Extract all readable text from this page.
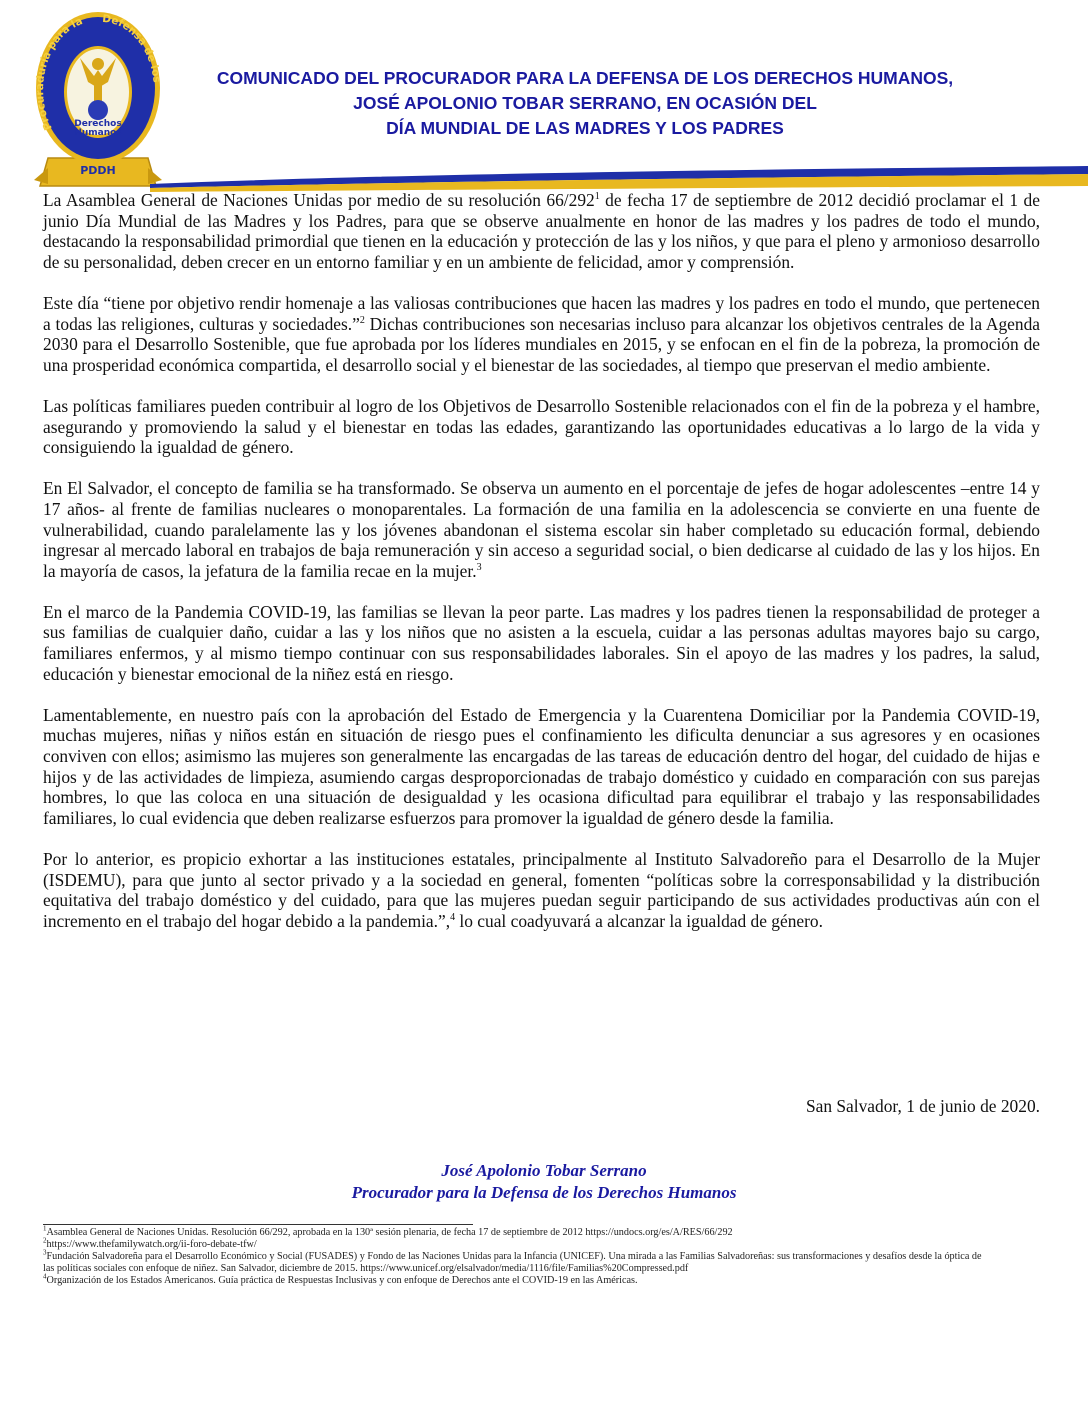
PDDH
Derechos
Humanos
Procuraduría para la Defensa de los	COMUNICADO DEL PROCURADOR PARA LA DEFENSA DE LOS DERECHOS HUMANOS,
JOSÉ APOLONIO TOBAR SERRANO, EN OCASIÓN DEL
DÍA MUNDIAL DE LAS MADRES Y LOS PADRES

La Asamblea General de Naciones Unidas por medio de su resolución $66/292^1$ de fecha 17 de septiembre de 2012 decidió proclamar el 1 de junio Día Mundial de las Madres y los Padres, para que se observe anualmente en honor de las madres y los padres de todo el mundo, destacando la responsabilidad primordial que tienen en la educación y protección de las y los niños, y que para el pleno y armonioso desarrollo de su personalidad, deben crecer en un entorno familiar y en un ambiente de felicidad, amor y comprensión.

Este día “tiene por objetivo rendir homenaje a las valiosas contribuciones que hacen las madres y los padres en todo el mundo, que pertenecen a todas las religiones, culturas y sociedades.”$^2$ Dichas contribuciones son necesarias incluso para alcanzar los objetivos centrales de la Agenda 2030 para el Desarrollo Sostenible, que fue aprobada por los líderes mundiales en 2015, y se enfocan en el fin de la pobreza, la promoción de una prosperidad económica compartida, el desarrollo social y el bienestar de las sociedades, al tiempo que preservan el medio ambiente.

Las políticas familiares pueden contribuir al logro de los Objetivos de Desarrollo Sostenible relacionados con el fin de la pobreza y el hambre, asegurando y promoviendo la salud y el bienestar en todas las edades, garantizando las oportunidades educativas a lo largo de la vida y consiguiendo la igualdad de género.

En El Salvador, el concepto de familia se ha transformado. Se observa un aumento en el porcentaje de jefes de hogar adolescentes –entre 14 y 17 años- al frente de familias nucleares o monoparentales. La formación de una familia en la adolescencia se convierte en una fuente de vulnerabilidad, cuando paralelamente las y los jóvenes abandonan el sistema escolar sin haber completado su educación formal, debiendo ingresar al mercado laboral en trabajos de baja remuneración y sin acceso a seguridad social, o bien dedicarse al cuidado de las y los hijos. En la mayoría de casos, la jefatura de la familia recae en la mujer.$^3$

En el marco de la Pandemia COVID-19, las familias se llevan la peor parte. Las madres y los padres tienen la responsabilidad de proteger a sus familias de cualquier daño, cuidar a las y los niños que no asisten a la escuela, cuidar a las personas adultas mayores bajo su cargo, familiares enfermos, y al mismo tiempo continuar con sus responsabilidades laborales. Sin el apoyo de las madres y los padres, la salud, educación y bienestar emocional de la niñez está en riesgo.

Lamentablemente, en nuestro país con la aprobación del Estado de Emergencia y la Cuarentena Domiciliar por la Pandemia COVID-19, muchas mujeres, niñas y niños están en situación de riesgo pues el confinamiento les dificulta denunciar a sus agresores y en ocasiones conviven con ellos; asimismo las mujeres son generalmente las encargadas de las tareas de educación dentro del hogar, del cuidado de hijas e hijos y de las actividades de limpieza, asumiendo cargas desproporcionadas de trabajo doméstico y cuidado en comparación con sus parejas hombres, lo que las coloca en una situación de desigualdad y les ocasiona dificultad para equilibrar el trabajo y las responsabilidades familiares, lo cual evidencia que deben realizarse esfuerzos para promover la igualdad de género desde la familia.

Por lo anterior, es propicio exhortar a las instituciones estatales, principalmente al Instituto Salvadoreño para el Desarrollo de la Mujer (ISDEMU), para que junto al sector privado y a la sociedad en general, fomenten “políticas sobre la corresponsabilidad y la distribución equitativa del trabajo doméstico y del cuidado, para que las mujeres puedan seguir participando de sus actividades productivas aún con el incremento en el trabajo del hogar debido a la pandemia.”,$^4$ lo cual coadyuvará a alcanzar la igualdad de género.

San Salvador, 1 de junio de 2020.
José Apolonio Tobar Serrano
Procurador para la Defensa de los Derechos Humanos
$^1$Asamblea General de Naciones Unidas. Resolución 66/292, aprobada en la 130ª sesión plenaria, de fecha 17 de septiembre de 2012 https://undocs.org/es/A/RES/66/292
$^2$https://www.thefamilywatch.org/ii-foro-debate-tfw/
$^3$Fundación Salvadoreña para el Desarrollo Económico y Social (FUSADES) y Fondo de las Naciones Unidas para la Infancia (UNICEF). Una mirada a las Familias Salvadoreñas: sus transformaciones y desafíos desde la óptica de
las políticas sociales con enfoque de niñez. San Salvador, diciembre de 2015. https://www.unicef.org/elsalvador/media/1116/file/Familias%20Compressed.pdf
$^4$Organización de los Estados Americanos. Guía práctica de Respuestas Inclusivas y con enfoque de Derechos ante el COVID-19 en las Américas.
